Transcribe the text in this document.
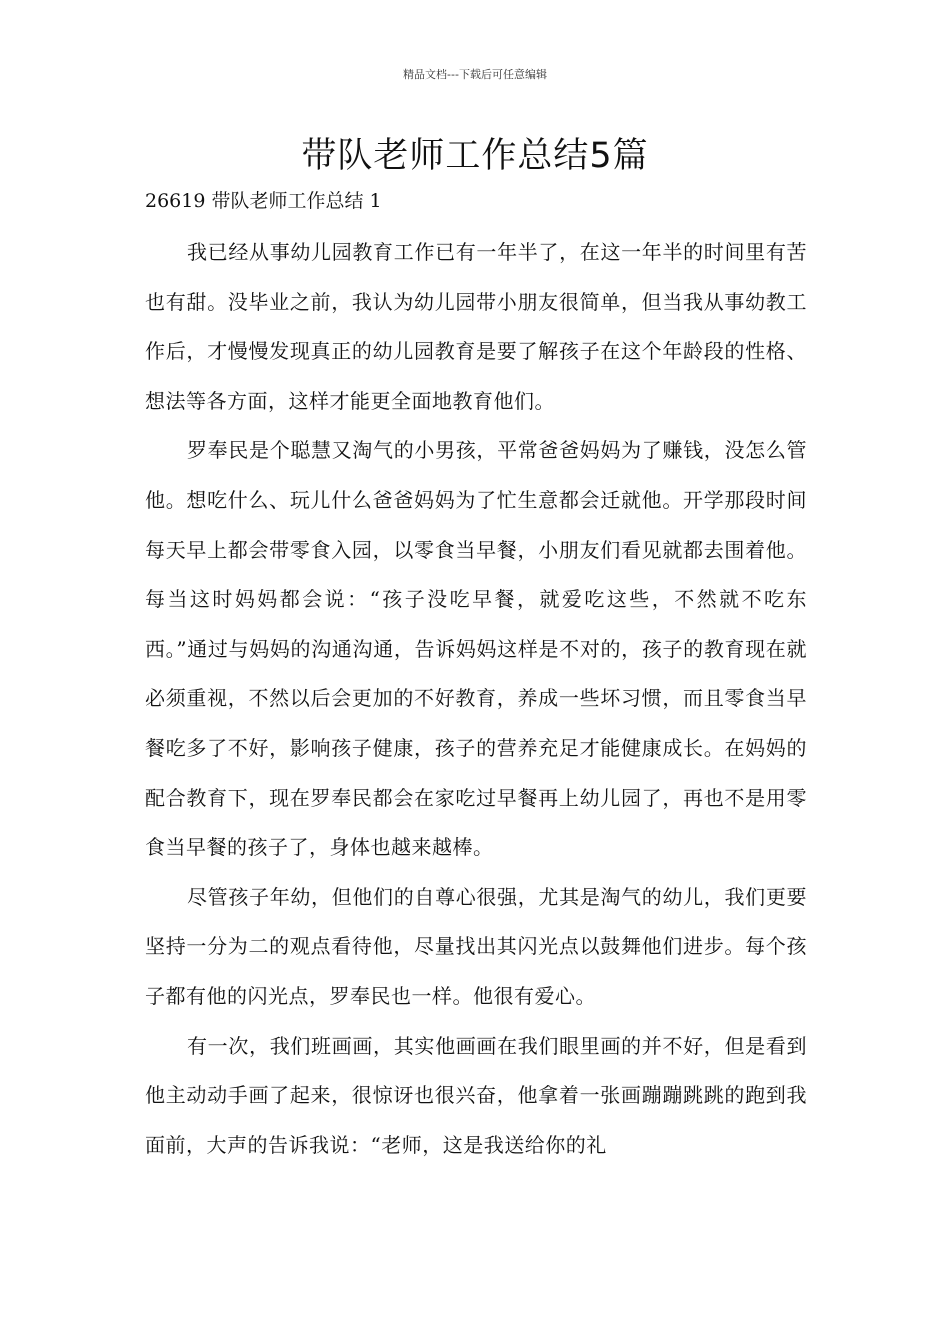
精品文档---下载后可任意编辑
带队老师工作总结5篇
26619 带队老师工作总结 1

我已经从事幼儿园教育工作已有一年半了，在这一年半的时间里有苦也有甜。没毕业之前，我认为幼儿园带小朋友很简单，但当我从事幼教工作后，才慢慢发现真正的幼儿园教育是要了解孩子在这个年龄段的性格、想法等各方面，这样才能更全面地教育他们。

罗奉民是个聪慧又淘气的小男孩，平常爸爸妈妈为了赚钱，没怎么管他。想吃什么、玩儿什么爸爸妈妈为了忙生意都会迁就他。开学那段时间每天早上都会带零食入园，以零食当早餐，小朋友们看见就都去围着他。每当这时妈妈都会说：“孩子没吃早餐，就爱吃这些，不然就不吃东西。”通过与妈妈的沟通沟通，告诉妈妈这样是不对的，孩子的教育现在就必须重视，不然以后会更加的不好教育，养成一些坏习惯，而且零食当早餐吃多了不好，影响孩子健康，孩子的营养充足才能健康成长。在妈妈的配合教育下，现在罗奉民都会在家吃过早餐再上幼儿园了，再也不是用零食当早餐的孩子了，身体也越来越棒。

尽管孩子年幼，但他们的自尊心很强，尤其是淘气的幼儿，我们更要坚持一分为二的观点看待他，尽量找出其闪光点以鼓舞他们进步。每个孩子都有他的闪光点，罗奉民也一样。他很有爱心。

有一次，我们班画画，其实他画画在我们眼里画的并不好，但是看到他主动动手画了起来，很惊讶也很兴奋，他拿着一张画蹦蹦跳跳的跑到我面前，大声的告诉我说：“老师，这是我送给你的礼
